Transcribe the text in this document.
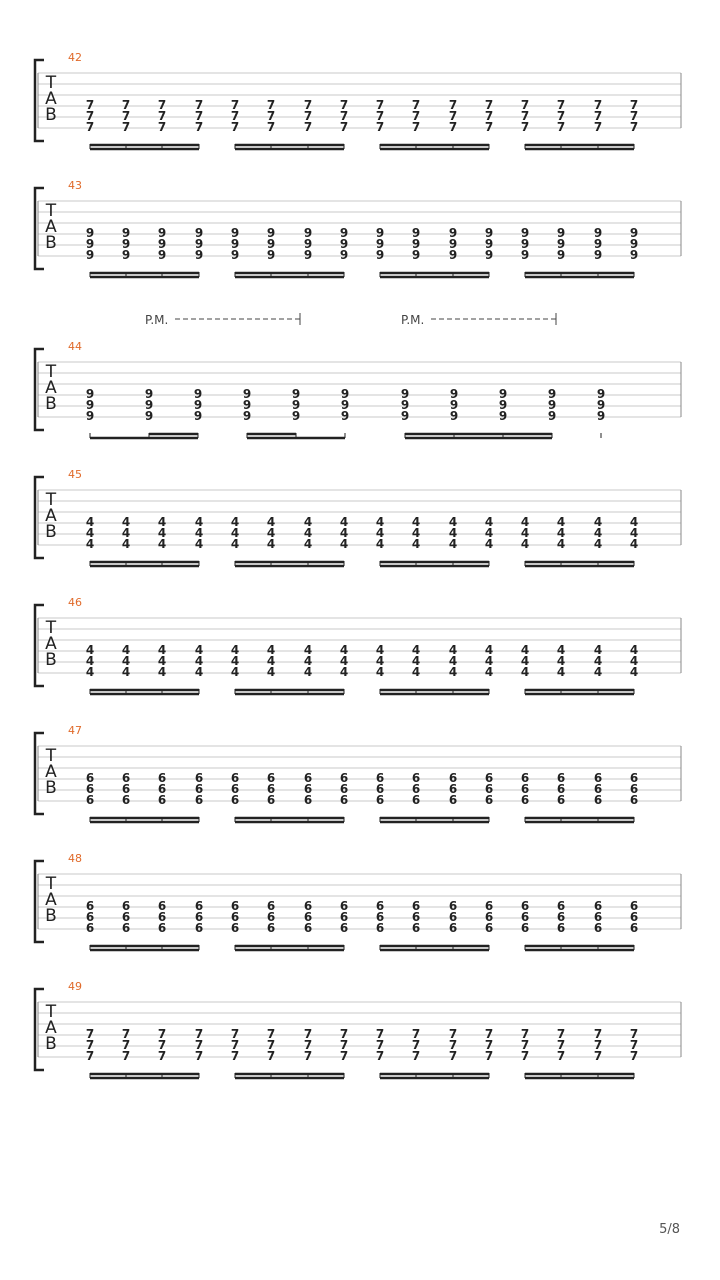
T
A
B
42
7
7
7
7
7
7
7
7
7
7
7
7
7
7
7
7
7
7
7
7
7
7
7
7
7
7
7
7
7
7
7
7
7
7
7
7
7
7
7
7
7
7
7
7
7
7
7
7
T
A
B
43
9
9
9
9
9
9
9
9
9
9
9
9
9
9
9
9
9
9
9
9
9
9
9
9
9
9
9
9
9
9
9
9
9
9
9
9
9
9
9
9
9
9
9
9
9
9
9
9
T
A
B
44
9
9
9
9
9
9
9
9
9
9
9
9
9
9
9
9
9
9
9
9
9
9
9
9
9
9
9
9
9
9
9
9
9
P.M.	P.M.
T
A
B
45
4
4
4
4
4
4
4
4
4
4
4
4
4
4
4
4
4
4
4
4
4
4
4
4
4
4
4
4
4
4
4
4
4
4
4
4
4
4
4
4
4
4
4
4
4
4
4
4
T
A
B
46
4
4
4
4
4
4
4
4
4
4
4
4
4
4
4
4
4
4
4
4
4
4
4
4
4
4
4
4
4
4
4
4
4
4
4
4
4
4
4
4
4
4
4
4
4
4
4
4
T
A
B
47
6
6
6
6
6
6
6
6
6
6
6
6
6
6
6
6
6
6
6
6
6
6
6
6
6
6
6
6
6
6
6
6
6
6
6
6
6
6
6
6
6
6
6
6
6
6
6
6
T
A
B
48
6
6
6
6
6
6
6
6
6
6
6
6
6
6
6
6
6
6
6
6
6
6
6
6
6
6
6
6
6
6
6
6
6
6
6
6
6
6
6
6
6
6
6
6
6
6
6
6
T
A
B
49
7
7
7
7
7
7
7
7
7
7
7
7
7
7
7
7
7
7
7
7
7
7
7
7
7
7
7
7
7
7
7
7
7
7
7
7
7
7
7
7
7
7
7
7
7
7
7
7
5/8
